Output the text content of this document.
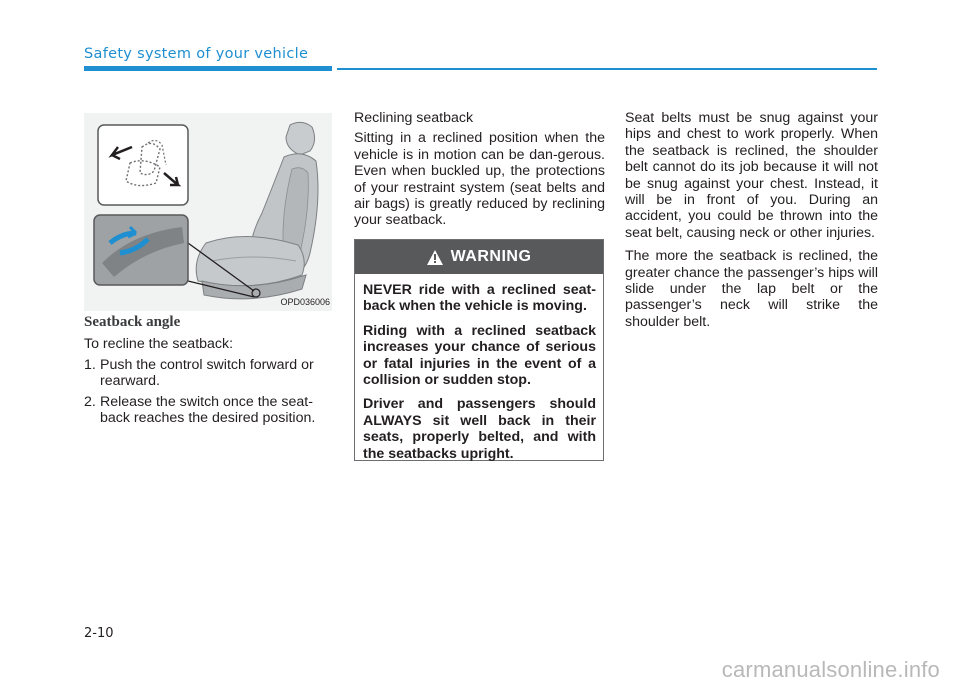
Safety system of your vehicle
OPD036006
Seatback angle

To recline the seatback:

1. Push the control switch forward or rearward.
2. Release the switch once the seat-back reaches the desired position.

Reclining seatback

Sitting in a reclined position when the vehicle is in motion can be dan-gerous. Even when buckled up, the protections of your restraint system (seat belts and air bags) is greatly reduced by reclining your seatback.

WARNING

NEVER ride with a reclined seat-back when the vehicle is moving.

Riding with a reclined seatback increases your chance of serious or fatal injuries in the event of a collision or sudden stop.

Driver and passengers should ALWAYS sit well back in their seats, properly belted, and with the seatbacks upright.

Seat belts must be snug against your hips and chest to work properly. When the seatback is reclined, the shoulder belt cannot do its job because it will not be snug against your chest. Instead, it will be in front of you. During an accident, you could be thrown into the seat belt, causing neck or other injuries.

The more the seatback is reclined, the greater chance the passenger’s hips will slide under the lap belt or the passenger’s neck will strike the shoulder belt.

2-10
carmanualsonline.info
